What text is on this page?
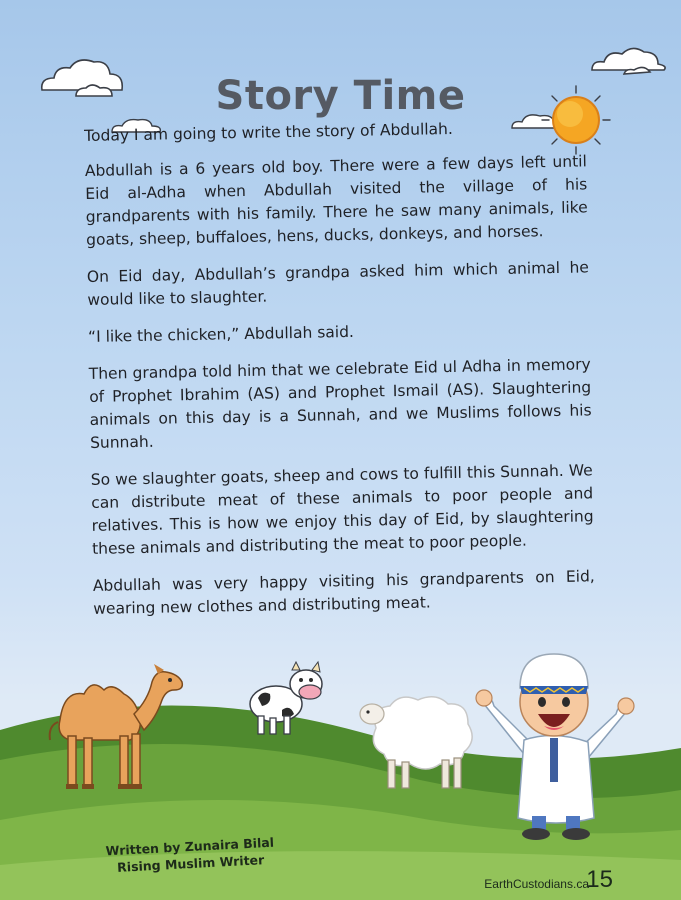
Story Time

Today I am going to write the story of Abdullah.

Abdullah is a 6 years old boy. There were a few days left until Eid al-Adha when Abdullah visited the village of his grandparents with his family. There he saw many animals, like goats, sheep, buffaloes, hens, ducks, donkeys, and horses.

On Eid day, Abdullah’s grandpa asked him which animal he would like to slaughter.

“I like the chicken,” Abdullah said.

Then grandpa told him that we celebrate Eid ul Adha in memory of Prophet Ibrahim (AS) and Prophet Ismail (AS). Slaughtering animals on this day is a Sunnah, and we Muslims follows his Sunnah.

So we slaughter goats, sheep and cows to fulfill this Sunnah. We can distribute meat of these animals to poor people and relatives. This is how we enjoy this day of Eid, by slaughtering these animals and distributing the meat to poor people.

Abdullah was very happy visiting his grandparents on Eid, wearing new clothes and distributing meat.

Written by Zunaira Bilal
Rising Muslim Writer
EarthCustodians.ca
15
